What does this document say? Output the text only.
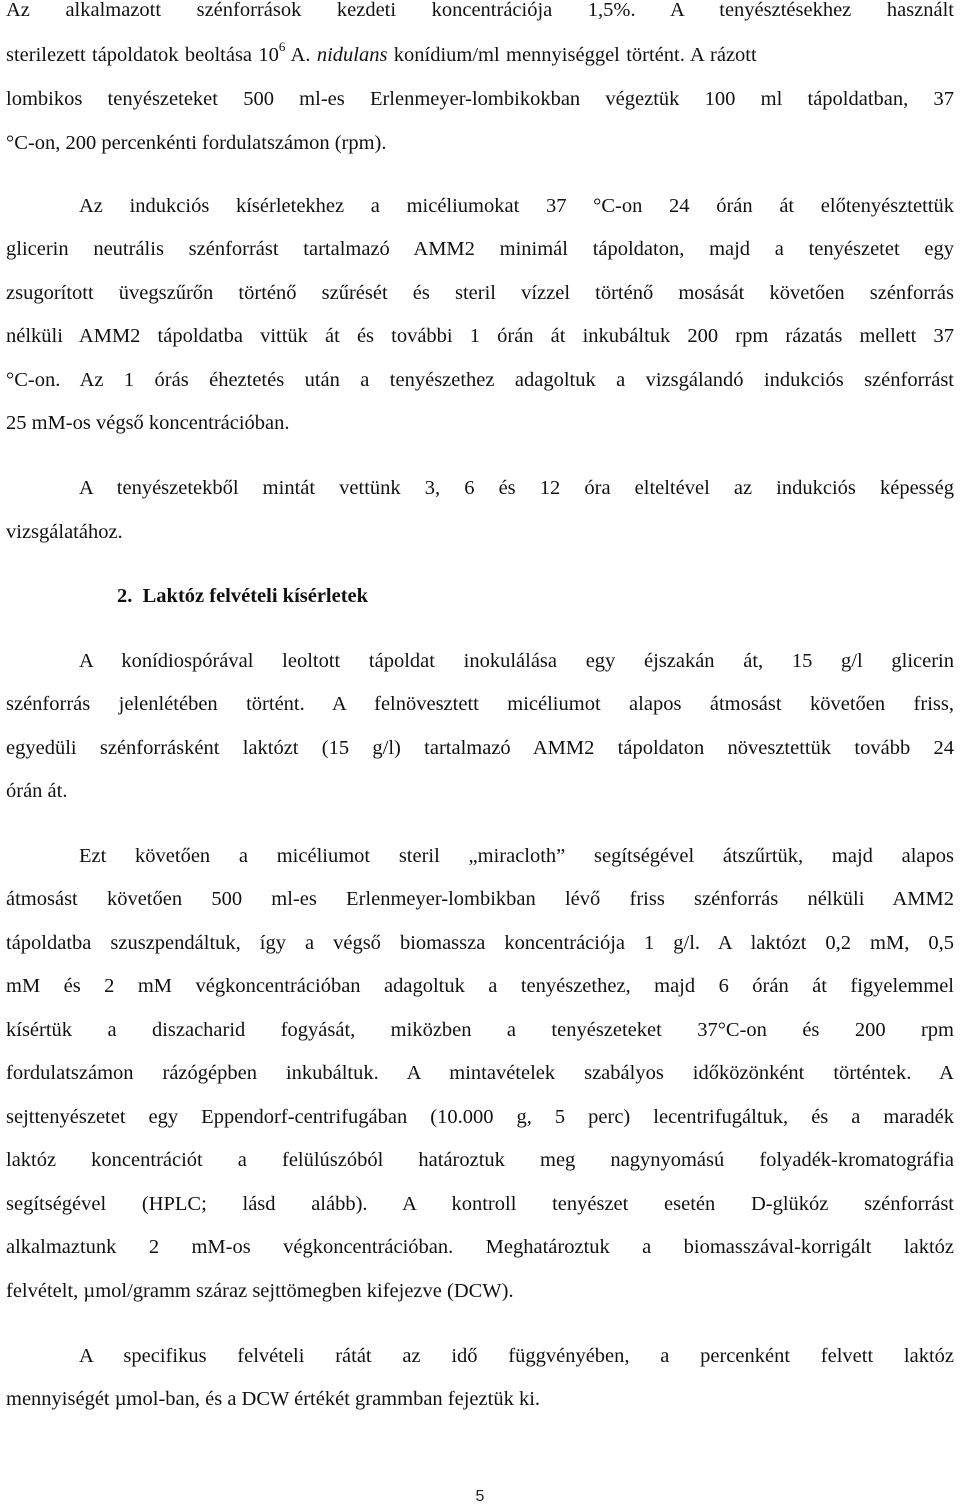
Az alkalmazott szénforrások kezdeti koncentrációja 1,5%. A tenyésztésekhez használt
sterilezett tápoldatok beoltása $10^6$ A. nidulans konídium/ml mennyiséggel történt. A rázott
lombikos tenyészeteket 500 ml-es Erlenmeyer-lombikokban végeztük 100 ml tápoldatban, 37
°C-on, 200 percenkénti fordulatszámon (rpm).
Az indukciós kísérletekhez a micéliumokat 37 °C-on 24 órán át előtenyésztettük
glicerin neutrális szénforrást tartalmazó AMM2 minimál tápoldaton, majd a tenyészetet egy
zsugorított üvegszűrőn történő szűrését és steril vízzel történő mosását követően szénforrás
nélküli AMM2 tápoldatba vittük át és további 1 órán át inkubáltuk 200 rpm rázatás mellett 37
°C-on. Az 1 órás éheztetés után a tenyészethez adagoltuk a vizsgálandó indukciós szénforrást
25 mM-os végső koncentrációban.
A tenyészetekből mintát vettünk 3, 6 és 12 óra elteltével az indukciós képesség
vizsgálatához.
2. Laktóz felvételi kísérletek
A konídiospórával leoltott tápoldat inokulálása egy éjszakán át, 15 g/l glicerin
szénforrás jelenlétében történt. A felnövesztett micéliumot alapos átmosást követően friss,
egyedüli szénforrásként laktózt (15 g/l) tartalmazó AMM2 tápoldaton növesztettük tovább 24
órán át.
Ezt követően a micéliumot steril „miracloth” segítségével átszűrtük, majd alapos
átmosást követően 500 ml-es Erlenmeyer-lombikban lévő friss szénforrás nélküli AMM2
tápoldatba szuszpendáltuk, így a végső biomassza koncentrációja 1 g/l. A laktózt 0,2 mM, 0,5
mM és 2 mM végkoncentrációban adagoltuk a tenyészethez, majd 6 órán át figyelemmel
kísértük a diszacharid fogyását, miközben a tenyészeteket 37°C-on és 200 rpm
fordulatszámon rázógépben inkubáltuk. A mintavételek szabályos időközönként történtek. A
sejttenyészetet egy Eppendorf-centrifugában (10.000 g, 5 perc) lecentrifugáltuk, és a maradék
laktóz koncentrációt a felülúszóból határoztuk meg nagynyomású folyadék-kromatográfia
segítségével (HPLC; lásd alább). A kontroll tenyészet esetén D-glükóz szénforrást
alkalmaztunk 2 mM-os végkoncentrációban. Meghatároztuk a biomasszával-korrigált laktóz
felvételt, µmol/gramm száraz sejttömegben kifejezve (DCW).
A specifikus felvételi rátát az idő függvényében, a percenként felvett laktóz
mennyiségét µmol-ban, és a DCW értékét grammban fejeztük ki.
5
